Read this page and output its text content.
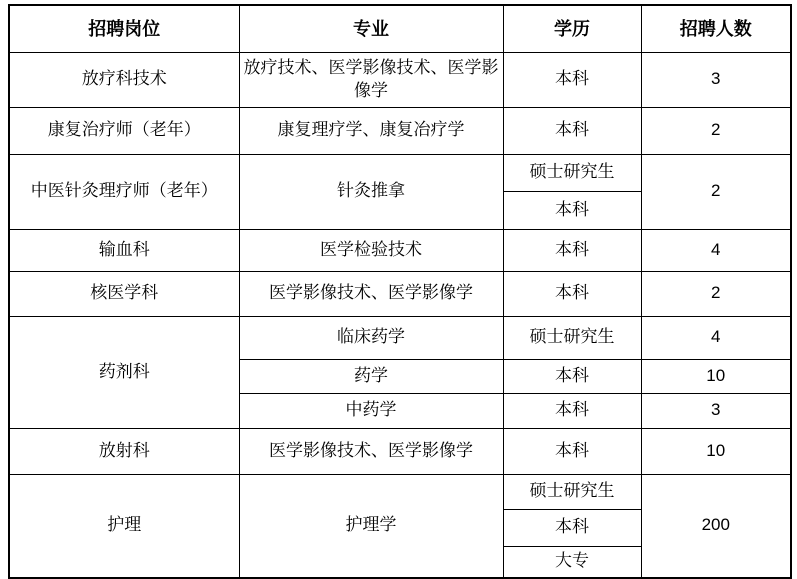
招聘岗位	专业	学历	招聘人数
放疗科技术	放疗技术、医学影像技术、医学影像学	本科	3
康复治疗师（老年）	康复理疗学、康复冶疗学	本科	2
中医针灸理疗师（老年）	针灸推拿	硕士研究生	2
		本科	
输血科	医学检验技术	本科	4
核医学科	医学影像技术、医学影像学	本科	2
药剂科	临床药学	硕士研究生	4
	药学	本科	10
	中药学	本科	3
放射科	医学影像技术、医学影像学	本科	10
护理	护理学	硕士研究生	200
		本科	
		大专	
